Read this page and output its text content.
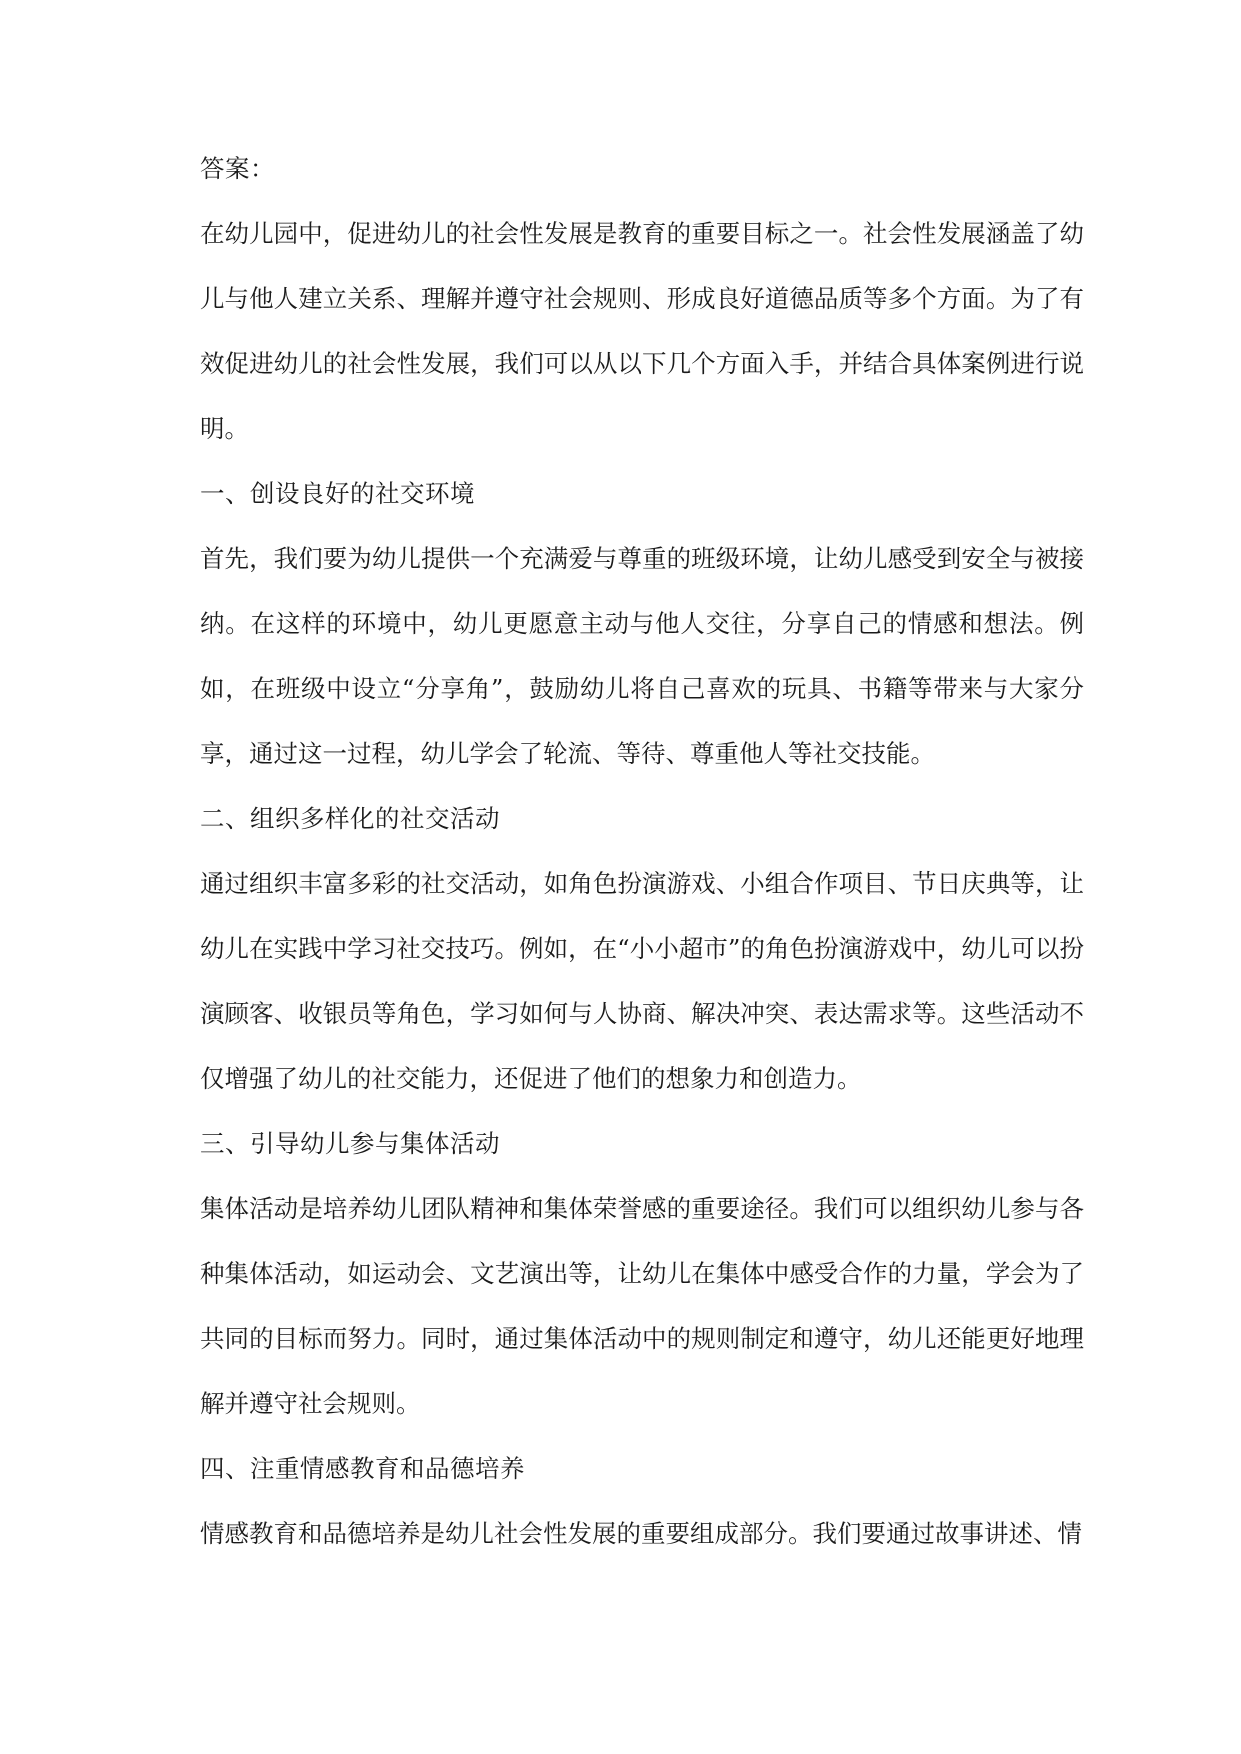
答案：

在幼儿园中，促进幼儿的社会性发展是教育的重要目标之一。社会性发展涵盖了幼儿与他人建立关系、理解并遵守社会规则、形成良好道德品质等多个方面。为了有效促进幼儿的社会性发展，我们可以从以下几个方面入手，并结合具体案例进行说明。

一、创设良好的社交环境

首先，我们要为幼儿提供一个充满爱与尊重的班级环境，让幼儿感受到安全与被接纳。在这样的环境中，幼儿更愿意主动与他人交往，分享自己的情感和想法。例如，在班级中设立“分享角”，鼓励幼儿将自己喜欢的玩具、书籍等带来与大家分享，通过这一过程，幼儿学会了轮流、等待、尊重他人等社交技能。

二、组织多样化的社交活动

通过组织丰富多彩的社交活动，如角色扮演游戏、小组合作项目、节日庆典等，让幼儿在实践中学习社交技巧。例如，在“小小超市”的角色扮演游戏中，幼儿可以扮演顾客、收银员等角色，学习如何与人协商、解决冲突、表达需求等。这些活动不仅增强了幼儿的社交能力，还促进了他们的想象力和创造力。

三、引导幼儿参与集体活动

集体活动是培养幼儿团队精神和集体荣誉感的重要途径。我们可以组织幼儿参与各种集体活动，如运动会、文艺演出等，让幼儿在集体中感受合作的力量，学会为了共同的目标而努力。同时，通过集体活动中的规则制定和遵守，幼儿还能更好地理解并遵守社会规则。

四、注重情感教育和品德培养

情感教育和品德培养是幼儿社会性发展的重要组成部分。我们要通过故事讲述、情
